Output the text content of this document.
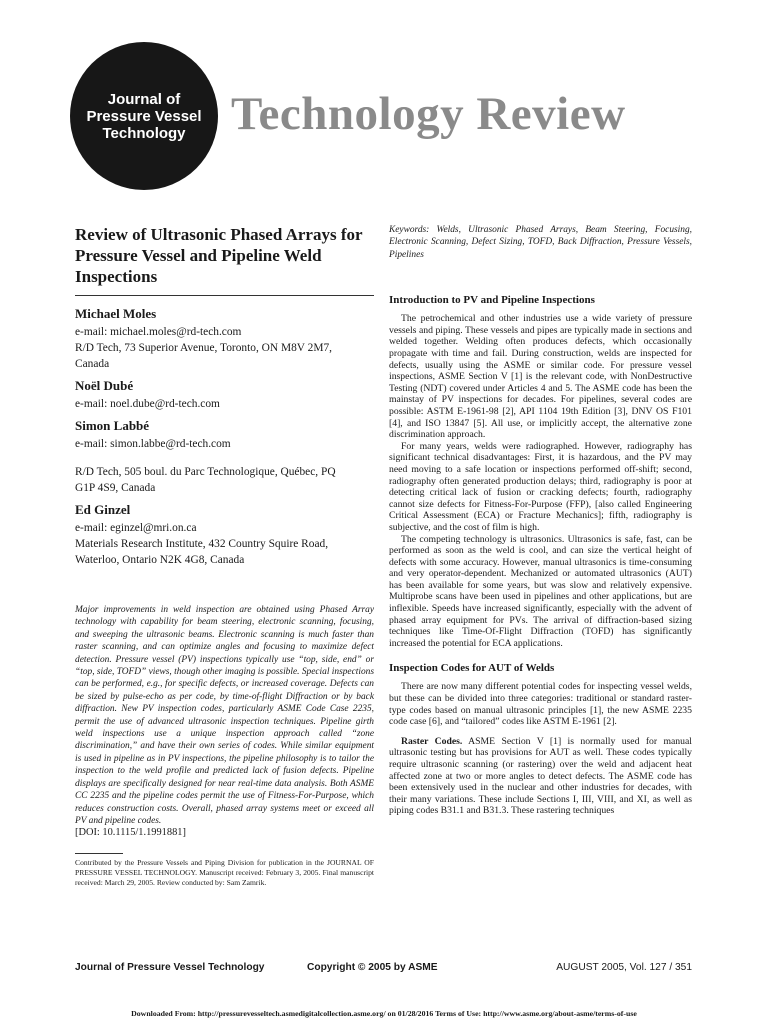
Journal of
Pressure Vessel
Technology Technology Review
Review of Ultrasonic Phased Arrays for Pressure Vessel and Pipeline Weld Inspections
Michael Moles
e-mail: michael.moles@rd-tech.com
R/D Tech, 73 Superior Avenue, Toronto, ON M8V 2M7,
Canada
Noël Dubé
e-mail: noel.dube@rd-tech.com
Simon Labbé
e-mail: simon.labbe@rd-tech.com
R/D Tech, 505 boul. du Parc Technologique, Québec, PQ
G1P 4S9, Canada
Ed Ginzel
e-mail: eginzel@mri.on.ca
Materials Research Institute, 432 Country Squire Road,
Waterloo, Ontario N2K 4G8, Canada
Major improvements in weld inspection are obtained using Phased Array technology with capability for beam steering, electronic scanning, focusing, and sweeping the ultrasonic beams. Electronic scanning is much faster than raster scanning, and can optimize angles and focusing to maximize defect detection. Pressure vessel (PV) inspections typically use “top, side, end” or “top, side, TOFD” views, though other imaging is possible. Special inspections can be performed, e.g., for specific defects, or increased coverage. Defects can be sized by pulse-echo as per code, by time-of-flight Diffraction or by back diffraction. New PV inspection codes, particularly ASME Code Case 2235, permit the use of advanced ultrasonic inspection techniques. Pipeline girth weld inspections use a unique inspection approach called “zone discrimination,” and have their own series of codes. While similar equipment is used in pipeline as in PV inspections, the pipeline philosophy is to tailor the inspection to the weld profile and predicted lack of fusion defects. Pipeline displays are specifically designed for near real-time data analysis. Both ASME CC 2235 and the pipeline codes permit the use of Fitness-For-Purpose, which reduces construction costs. Overall, phased array systems meet or exceed all PV and pipeline codes.
[DOI: 10.1115/1.1991881]
Contributed by the Pressure Vessels and Piping Division for publication in the JOURNAL OF PRESSURE VESSEL TECHNOLOGY. Manuscript received: February 3, 2005. Final manuscript received: March 29, 2005. Review conducted by: Sam Zamrik.
Keywords: Welds, Ultrasonic Phased Arrays, Beam Steering, Focusing, Electronic Scanning, Defect Sizing, TOFD, Back Diffraction, Pressure Vessels, Pipelines
Introduction to PV and Pipeline Inspections

The petrochemical and other industries use a wide variety of pressure vessels and piping. These vessels and pipes are typically made in sections and welded together. Welding often produces defects, which occasionally propagate with time and fail. During construction, welds are inspected for defects, usually using the ASME or similar code. For pressure vessel inspections, ASME Section V [1] is the relevant code, with NonDestructive Testing (NDT) covered under Articles 4 and 5. The ASME code has been the mainstay of PV inspections for decades. For pipelines, several codes are possible: ASTM E-1961-98 [2], API 1104 19th Edition [3], DNV OS F101 [4], and ISO 13847 [5]. All use, or implicitly accept, the alternative zone discrimination approach.

For many years, welds were radiographed. However, radiography has significant technical disadvantages: First, it is hazardous, and the PV may need moving to a safe location or inspections performed off-shift; second, radiography often generated production delays; third, radiography is poor at detecting critical lack of fusion or cracking defects; fourth, radiography cannot size defects for Fitness-For-Purpose (FFP), [also called Engineering Critical Assessment (ECA) or Fracture Mechanics]; fifth, radiography is subjective, and the cost of film is high.

The competing technology is ultrasonics. Ultrasonics is safe, fast, can be performed as soon as the weld is cool, and can size the vertical height of defects with some accuracy. However, manual ultrasonics is time-consuming and very operator-dependent. Mechanized or automated ultrasonics (AUT) has been available for some years, but was slow and relatively expensive. Multiprobe scans have been used in pipelines and other applications, but are inflexible. Speeds have increased significantly, especially with the advent of phased array equipment for PVs. The arrival of diffraction-based sizing techniques like Time-Of-Flight Diffraction (TOFD) has significantly increased the potential for ECA applications.

Inspection Codes for AUT of Welds

There are now many different potential codes for inspecting vessel welds, but these can be divided into three categories: traditional or standard raster-type codes based on manual ultrasonic principles [1], the new ASME 2235 code case [6], and “tailored” codes like ASTM E-1961 [2].

Raster Codes. ASME Section V [1] is normally used for manual ultrasonic testing but has provisions for AUT as well. These codes typically require ultrasonic scanning (or rastering) over the weld and adjacent heat affected zone at two or more angles to detect defects. The ASME code has been extensively used in the nuclear and other industries for decades, with their many variations. These include Sections I, III, VIII, and XI, as well as piping codes B31.1 and B31.3. These rastering techniques

Journal of Pressure Vessel Technology	Copyright © 2005 by ASME	AUGUST 2005, Vol. 127 / 351
Downloaded From: http://pressurevesseltech.asmedigitalcollection.asme.org/ on 01/28/2016 Terms of Use: http://www.asme.org/about-asme/terms-of-use
